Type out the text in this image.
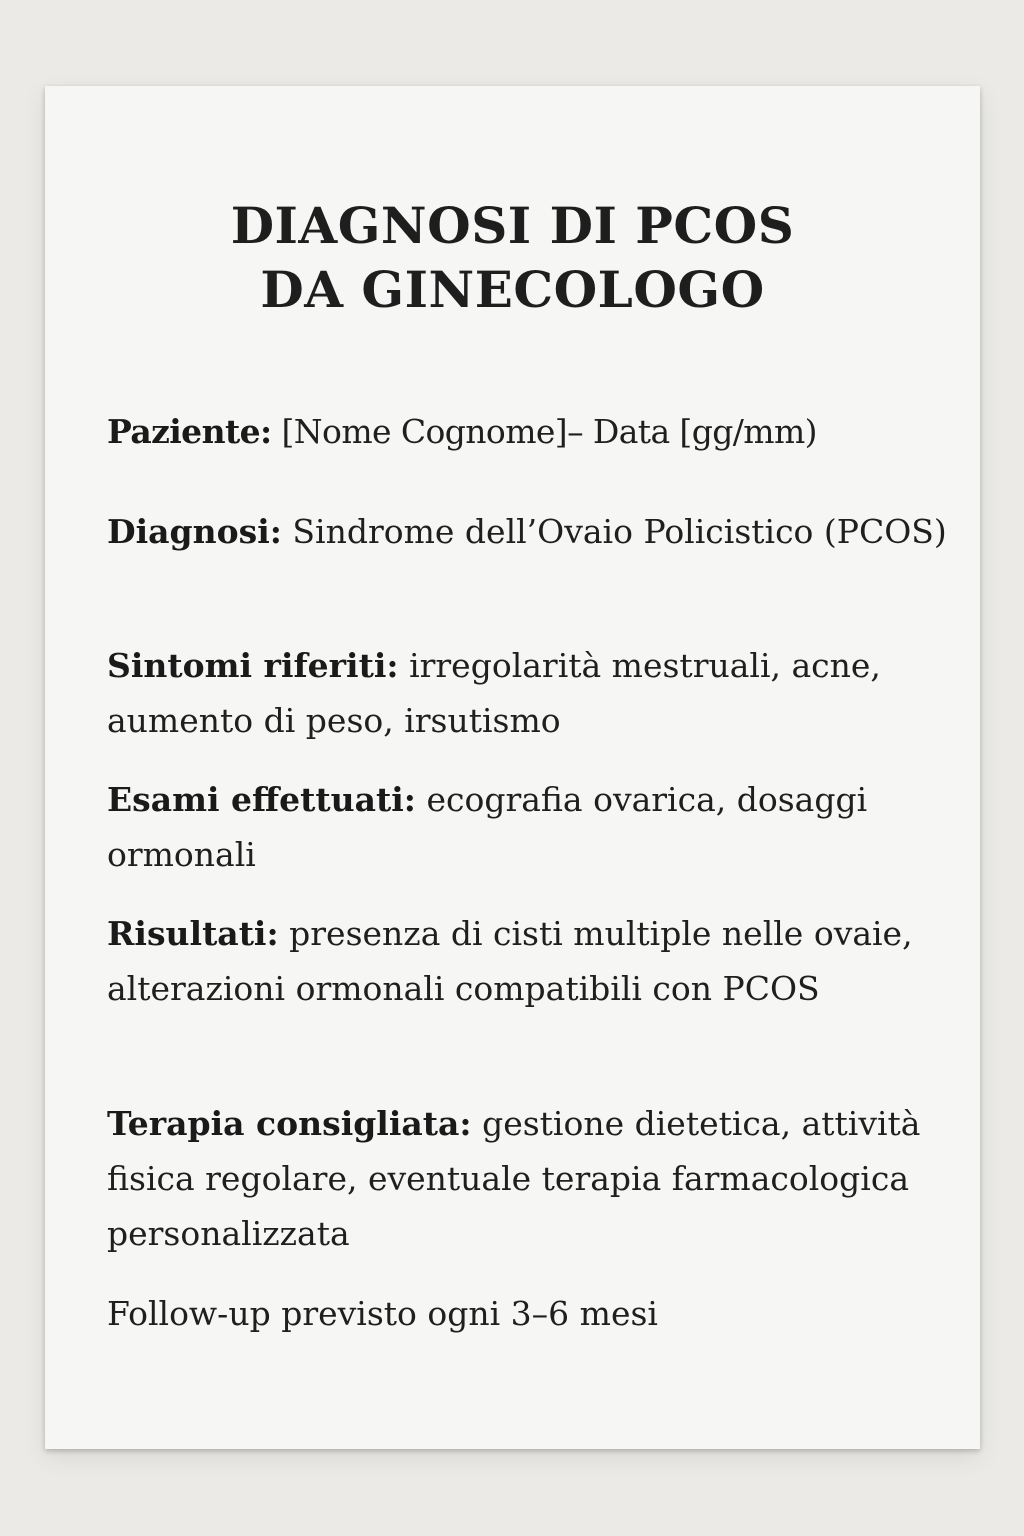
DIAGNOSI DI PCOS
DA GINECOLOGO

Paziente: [Nome Cognome]– Data [gg/mm)

Diagnosi: Sindrome dell’Ovaio Policistico (PCOS)

Sintomi riferiti: irregolarità mestruali, acne, aumento di peso, irsutismo

Esami effettuati: ecografia ovarica, dosaggi ormonali

Risultati: presenza di cisti multiple nelle ovaie, alterazioni ormonali compatibili con PCOS

Terapia consigliata: gestione dietetica, attività fisica regolare, eventuale terapia farmacologica personalizzata

Follow-up previsto ogni 3–6 mesi
